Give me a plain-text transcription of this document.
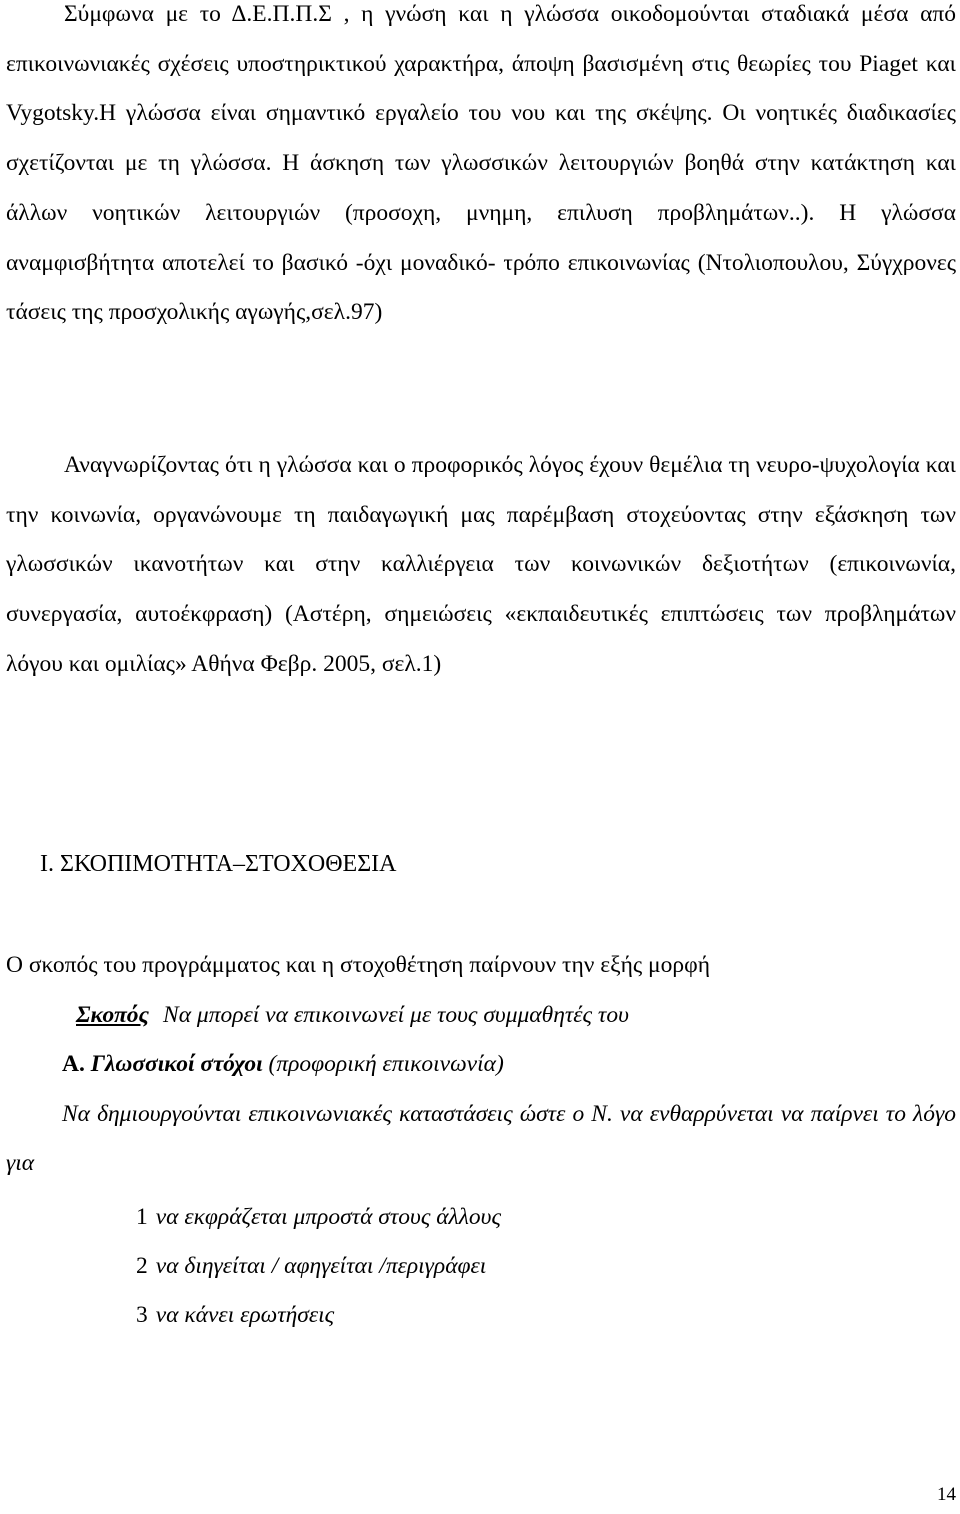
Σύμφωνα με το Δ.Ε.Π.Π.Σ , η γνώση και η γλώσσα οικοδομούνται σταδιακά μέσα από επικοινωνιακές σχέσεις υποστηρικτικού χαρακτήρα, άποψη βασισμένη στις θεωρίες του Piaget και Vygotsky.Η γλώσσα είναι σημαντικό εργαλείο του νου και της σκέψης. Οι νοητικές διαδικασίες σχετίζονται με τη γλώσσα. Η άσκηση των γλωσσικών λειτουργιών βοηθά στην κατάκτηση και άλλων νοητικών λειτουργιών (προσοχη, μνημη, επιλυση προβλημάτων..). Η γλώσσα αναμφισβήτητα αποτελεί το βασικό -όχι μοναδικό- τρόπο επικοινωνίας (Ντολιοπουλου, Σύγχρονες τάσεις της προσχολικής αγωγής,σελ.97)

Αναγνωρίζοντας ότι η γλώσσα και ο προφορικός λόγος έχουν θεμέλια τη νευρο-ψυχολογία και την κοινωνία, οργανώνουμε τη παιδαγωγική μας παρέμβαση στοχεύοντας στην εξάσκηση των γλωσσικών ικανοτήτων και στην καλλιέργεια των κοινωνικών δεξιοτήτων (επικοινωνία, συνεργασία, αυτοέκφραση) (Αστέρη, σημειώσεις «εκπαιδευτικές επιπτώσεις των προβλημάτων λόγου και ομιλίας» Αθήνα Φεβρ. 2005, σελ.1)

Ι. ΣΚΟΠΙΜΟΤΗΤΑ–ΣΤΟΧΟΘΕΣΙΑ

Ο σκοπός του προγράμματος και η στοχοθέτηση παίρνουν την εξής μορφή

Σκοπός Να μπορεί να επικοινωνεί με τους συμμαθητές του

Α. Γλωσσικοί στόχοι (προφορική επικοινωνία)

Να δημιουργούνται επικοινωνιακές καταστάσεις ώστε ο Ν. να ενθαρρύνεται να παίρνει το λόγο για

1 να εκφράζεται μπροστά στους άλλους

2 να διηγείται / αφηγείται /περιγράφει

3 να κάνει ερωτήσεις

14
